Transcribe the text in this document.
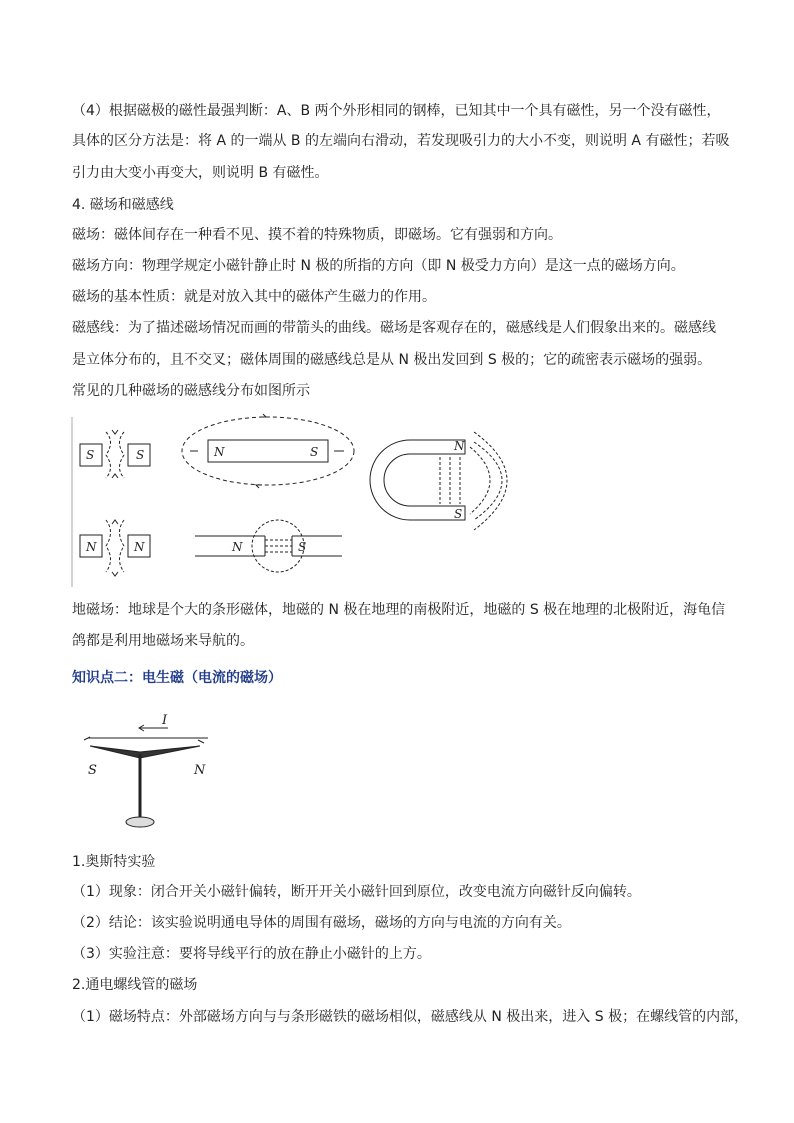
（4）根据磁极的磁性最强判断：A、B 两个外形相同的钢棒，已知其中一个具有磁性，另一个没有磁性，
具体的区分方法是：将 A 的一端从 B 的左端向右滑动，若发现吸引力的大小不变，则说明 A 有磁性；若吸
引力由大变小再变大，则说明 B 有磁性。
4. 磁场和磁感线
磁场：磁体间存在一种看不见、摸不着的特殊物质，即磁场。它有强弱和方向。
磁场方向：物理学规定小磁针静止时 N 极的所指的方向（即 N 极受力方向）是这一点的磁场方向。
磁场的基本性质：就是对放入其中的磁体产生磁力的作用。
磁感线：为了描述磁场情况而画的带箭头的曲线。磁场是客观存在的，磁感线是人们假象出来的。磁感线
是立体分布的，且不交叉；磁体周围的磁感线总是从 N 极出发回到 S 极的；它的疏密表示磁场的强弱。
常见的几种磁场的磁感线分布如图所示
S	S
N	N
N	S
N	S
N
S
地磁场：地球是个大的条形磁体，地磁的 N 极在地理的南极附近，地磁的 S 极在地理的北极附近，海龟信
鸽都是利用地磁场来导航的。
知识点二：电生磁（电流的磁场）
I
S	N
1.奥斯特实验
（1）现象：闭合开关小磁针偏转，断开开关小磁针回到原位，改变电流方向磁针反向偏转。
（2）结论：该实验说明通电导体的周围有磁场，磁场的方向与电流的方向有关。
（3）实验注意：要将导线平行的放在静止小磁针的上方。
2.通电螺线管的磁场
（1）磁场特点：外部磁场方向与与条形磁铁的磁场相似，磁感线从 N 极出来，进入 S 极；在螺线管的内部，
